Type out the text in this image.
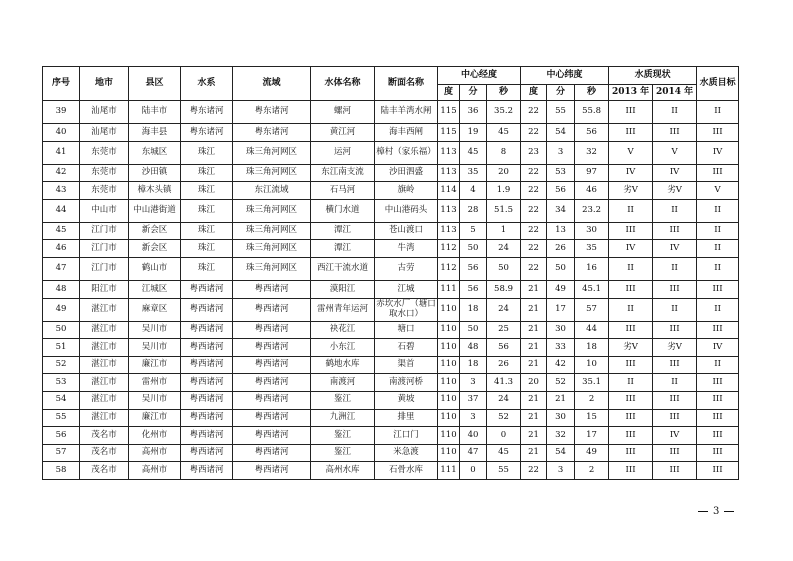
序号	地市	县区	水系	流域	水体名称	断面名称	中心经度			中心纬度			水质现状		水质目标
							度	分	秒	度	分	秒	2013 年	2014 年	
39	汕尾市	陆丰市	粤东诸河	粤东诸河	螺河	陆丰羊湾水闸	115	36	35.2	22	55	55.8	III	II	II
40	汕尾市	海丰县	粤东诸河	粤东诸河	黄江河	海丰西闸	115	19	45	22	54	56	III	III	III
41	东莞市	东城区	珠江	珠三角河网区	运河	樟村（家乐福）	113	45	8	23	3	32	V	V	IV
42	东莞市	沙田镇	珠江	珠三角河网区	东江南支流	沙田泗盛	113	35	20	22	53	97	IV	IV	III
43	东莞市	樟木头镇	珠江	东江流域	石马河	旗岭	114	4	1.9	22	56	46	劣V	劣V	V
44	中山市	中山港街道	珠江	珠三角河网区	横门水道	中山港码头	113	28	51.5	22	34	23.2	II	II	II
45	江门市	新会区	珠江	珠三角河网区	潭江	苍山渡口	113	5	1	22	13	30	III	III	II
46	江门市	新会区	珠江	珠三角河网区	潭江	牛湾	112	50	24	22	26	35	IV	IV	II
47	江门市	鹤山市	珠江	珠三角河网区	西江干流水道	古劳	112	56	50	22	50	16	II	II	II
48	阳江市	江城区	粤西诸河	粤西诸河	漠阳江	江城	111	56	58.9	21	49	45.1	III	III	III
49	湛江市	麻章区	粤西诸河	粤西诸河	雷州青年运河	赤坎水厂（塘口取水口）	110	18	24	21	17	57	II	II	II
50	湛江市	吴川市	粤西诸河	粤西诸河	袂花江	塘口	110	50	25	21	30	44	III	III	III
51	湛江市	吴川市	粤西诸河	粤西诸河	小东江	石碧	110	48	56	21	33	18	劣V	劣V	IV
52	湛江市	廉江市	粤西诸河	粤西诸河	鹤地水库	渠首	110	18	26	21	42	10	III	III	II
53	湛江市	雷州市	粤西诸河	粤西诸河	南渡河	南渡河桥	110	3	41.3	20	52	35.1	II	II	III
54	湛江市	吴川市	粤西诸河	粤西诸河	鉴江	黄坡	110	37	24	21	21	2	III	III	III
55	湛江市	廉江市	粤西诸河	粤西诸河	九洲江	排里	110	3	52	21	30	15	III	III	III
56	茂名市	化州市	粤西诸河	粤西诸河	鉴江	江口门	110	40	0	21	32	17	III	IV	III
57	茂名市	高州市	粤西诸河	粤西诸河	鉴江	米急渡	110	47	45	21	54	49	III	III	III
58	茂名市	高州市	粤西诸河	粤西诸河	高州水库	石骨水库	111	0	55	22	3	2	III	III	III
3
